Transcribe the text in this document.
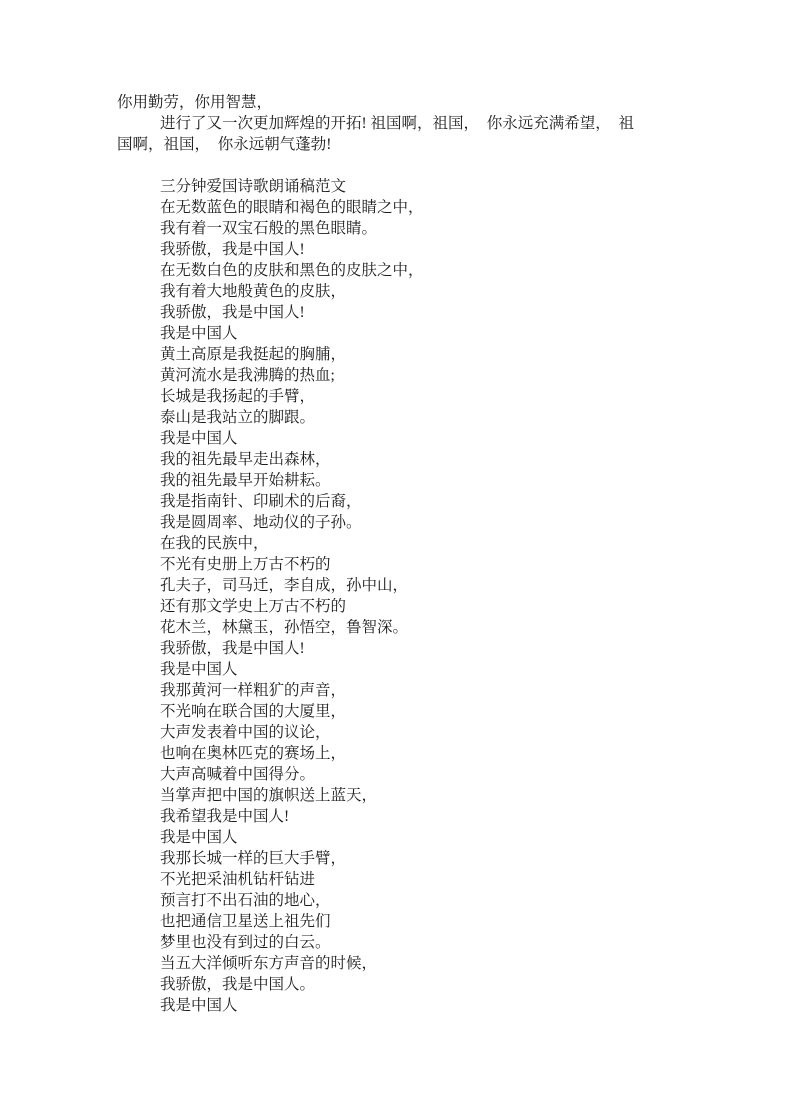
你用勤劳，你用智慧，
进行了又一次更加辉煌的开拓! 祖国啊，祖国，  你永远充满希望，  祖
国啊，祖国，  你永远朝气蓬勃!
三分钟爱国诗歌朗诵稿范文
在无数蓝色的眼睛和褐色的眼睛之中，
我有着一双宝石般的黑色眼睛。
我骄傲，我是中国人!
在无数白色的皮肤和黑色的皮肤之中，
我有着大地般黄色的皮肤，
我骄傲，我是中国人!
我是中国人
黄土高原是我挺起的胸脯，
黄河流水是我沸腾的热血;
长城是我扬起的手臂，
泰山是我站立的脚跟。
我是中国人
我的祖先最早走出森林，
我的祖先最早开始耕耘。
我是指南针、印刷术的后裔，
我是圆周率、地动仪的子孙。
在我的民族中，
不光有史册上万古不朽的
孔夫子，司马迁，李自成，孙中山，
还有那文学史上万古不朽的
花木兰，林黛玉，孙悟空，鲁智深。
我骄傲，我是中国人!
我是中国人
我那黄河一样粗犷的声音，
不光响在联合国的大厦里，
大声发表着中国的议论，
也响在奥林匹克的赛场上，
大声高喊着中国得分。
当掌声把中国的旗帜送上蓝天，
我希望我是中国人!
我是中国人
我那长城一样的巨大手臂，
不光把采油机钻杆钻进
预言打不出石油的地心，
也把通信卫星送上祖先们
梦里也没有到过的白云。
当五大洋倾听东方声音的时候，
我骄傲，我是中国人。
我是中国人
